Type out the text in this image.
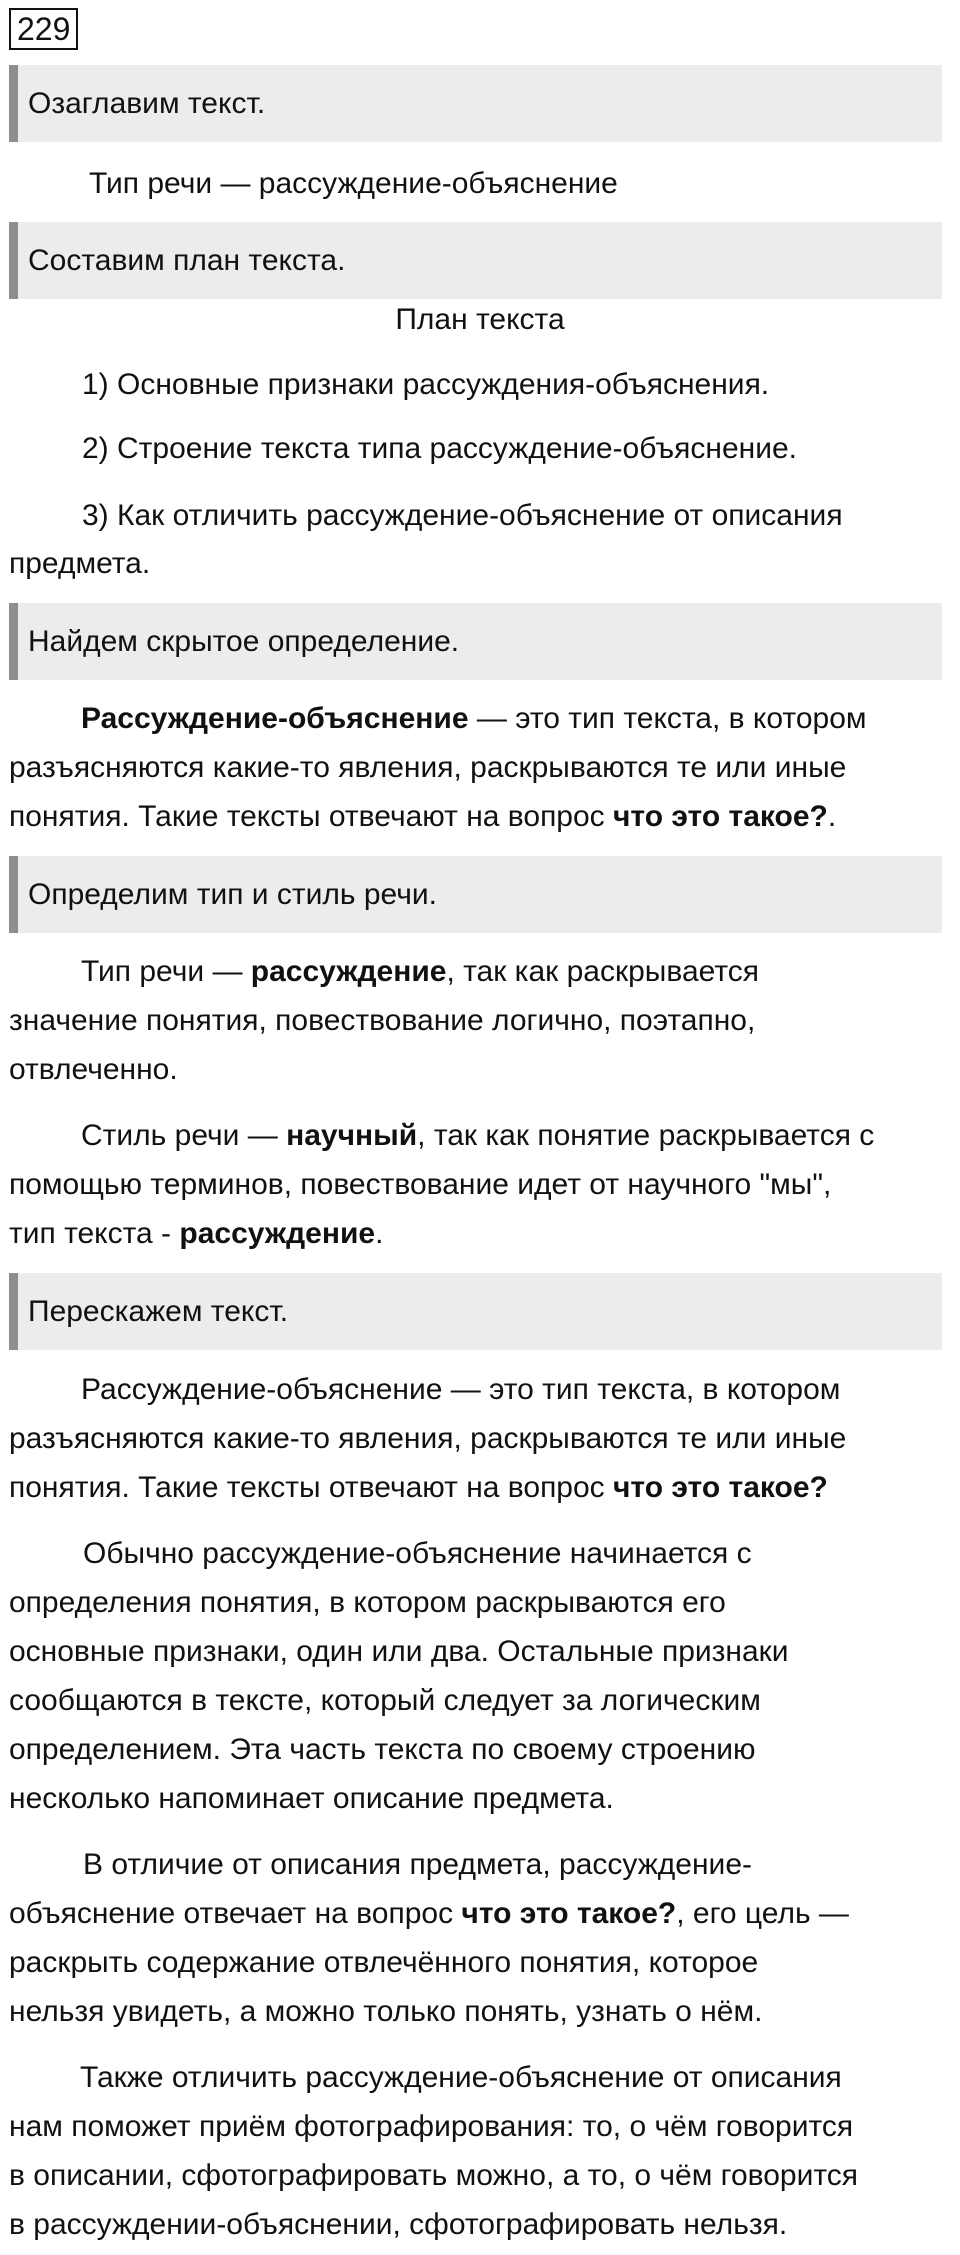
229
Озаглавим текст.
Тип речи — рассуждение-объяснение
Составим план текста.
План текста
1) Основные признаки рассуждения-объяснения.
2) Строение текста типа рассуждение-объяснение.
3) Как отличить рассуждение-объяснение от описания
предмета.
Найдем скрытое определение.
Рассуждение-объяснение — это тип текста, в котором
разъясняются какие-то явления, раскрываются те или иные
понятия. Такие тексты отвечают на вопрос что это такое?.
Определим тип и стиль речи.
Тип речи — рассуждение, так как раскрывается
значение понятия, повествование логично, поэтапно,
отвлеченно.
Стиль речи — научный, так как понятие раскрывается с
помощью терминов, повествование идет от научного "мы",
тип текста - рассуждение.
Перескажем текст.
Рассуждение-объяснение — это тип текста, в котором
разъясняются какие-то явления, раскрываются те или иные
понятия. Такие тексты отвечают на вопрос что это такое?
Обычно рассуждение-объяснение начинается с
определения понятия, в котором раскрываются его
основные признаки, один или два. Остальные признаки
сообщаются в тексте, который следует за логическим
определением. Эта часть текста по своему строению
несколько напоминает описание предмета.
В отличие от описания предмета, рассуждение-
объяснение отвечает на вопрос что это такое?, его цель —
раскрыть содержание отвлечённого понятия, которое
нельзя увидеть, а можно только понять, узнать о нём.
Также отличить рассуждение-объяснение от описания
нам поможет приём фотографирования: то, о чём говорится
в описании, сфотографировать можно, а то, о чём говорится
в рассуждении-объяснении, сфотографировать нельзя.
